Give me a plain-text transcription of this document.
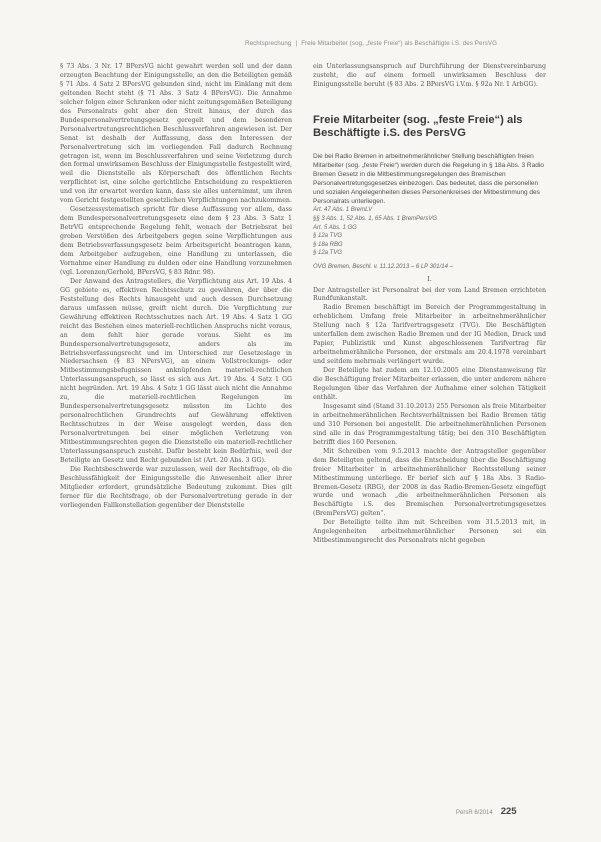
Rechtsprechung | Freie Mitarbeiter (sog. „feste Freie“) als Beschäftigte i.S. des PersVG

§ 73 Abs. 3 Nr. 17 BPersVG nicht gewahrt werden soll und der dann erzeugten Beachtung der Einigungsstelle, an den die Beteiligten gemäß § 71 Abs. 4 Satz 2 BPersVG gebunden sind, nicht im Einklang mit dem geltenden Recht steht (§ 71 Abs. 3 Satz 4 BPersVG). Die Annahme solcher folgen einer Schranken oder nicht zeitungsgemäßen Beteiligung des Personalrats geht aber den Streit hinaus, der durch das Bundespersonalvertretungsgesetz geregelt und dem besonderen Personalvertretungsrechtlichen Beschlussverfahren angewiesen ist. Der Senat ist deshalb der Auffassung, dass den Interessen der Personalvertretung sich im vorliegenden Fall dadurch Rechnung getragen ist, wenn im Beschlussverfahren und seine Verletzung durch den formal unwirksamen Beschluss der Einigungsstelle festgestellt wird, weil die Dienststelle als Körperschaft des öffentlichen Rechts verpflichtet ist, eine solche gerichtliche Entscheidung zu respektieren und von ihr erwartet werden kann, dass sie alles unternimmt, um ihren vom Gericht festgestellten gesetzlichen Verpflichtungen nachzukommen.

Gesetzessystematisch spricht für diese Auffassung vor allem, dass dem Bundespersonalvertretungsgesetz eine dem § 23 Abs. 3 Satz 1 BetrVG entsprechende Regelung fehlt, wonach der Betriebsrat bei groben Verstößen des Arbeitgebers gegen seine Verpflichtungen aus dem Betriebsverfassungsgesetz beim Arbeitsgericht beantragen kann, dem Arbeitgeber aufzugeben, eine Handlung zu unterlassen, die Vornahme einer Handlung zu dulden oder eine Handlung vorzunehmen (vgl. Lorenzen/Gerhold, BPersVG, § 83 Rdnr. 98).

Der Anwand des Antragstellers, die Verpflichtung aus Art. 19 Abs. 4 GG gebiete es, effektiven Rechtsschutz zu gewähren, der über die Feststellung des Rechts hinausgeht und auch dessen Durchsetzung daraus umfassen müsse, greift nicht durch. Die Verpflichtung zur Gewährung effektiven Rechtsschutzes nach Art. 19 Abs. 4 Satz 1 GG reicht das Bestehen eines materiell-rechtlichen Anspruchs nicht voraus, an dem fehlt hier gerade voraus. Sieht es im Bundespersonalvertretungsgesetz, anders als im Betriebsverfassungsrecht und im Unterschied zur Gesetzeslage in Niedersachsen (§ 83 NPersVG), an einem Vollstreckungs- oder Mitbestimmungsbefugnissen anknüpfenden materiell-rechtlichen Unterlassungsanspruch, so lässt es sich aus Art. 19 Abs. 4 Satz 1 GG nicht begründen. Art. 19 Abs. 4 Satz 1 GG lässt auch nicht die Annahme zu, die materiell-rechtlichen Regelungen im Bundespersonalvertretungsgesetz müssten im Lichte des personalrechtlichen Grundrechts auf Gewährung effektiven Rechtsschutzes in der Weise ausgelegt werden, dass den Personalvertretungen bei einer möglichen Verletzung von Mitbestimmungsrechten gegen die Dienststelle ein materiell-rechtlicher Unterlassungsanspruch zusteht. Dafür besteht kein Bedürfnis, weil der Beteiligte an Gesetz und Recht gebunden ist (Art. 20 Abs. 3 GG).

Die Rechtsbeschwerde war zuzulassen, weil der Rechtsfrage, ob die Beschlussfähigkeit der Einigungsstelle die Anwesenheit aller ihrer Mitglieder erfordert, grundsätzliche Bedeutung zukommt. Dies gilt ferner für die Rechtsfrage, ob der Personalvertretung gerade in der vorliegenden Fallkonstellation gegenüber der Dienststelle

ein Unterlassungsanspruch auf Durchführung der Dienstvereinbarung zusteht, die auf einem formell unwirksamen Beschluss der Einigungsstelle beruht (§ 83 Abs. 2 BPersVG i.V.m. § 92a Nr. 1 ArbGG).

Freie Mitarbeiter (sog. „feste Freie“) als Beschäftigte i.S. des PersVG

Die bei Radio Bremen in arbeitnehmerähnlicher Stellung beschäftigten freien Mitarbeiter (sog. „feste Freie“) werden durch die Regelung in § 18a Abs. 3 Radio Bremen Gesetz in die Mitbestimmungsregelungen des Bremischen Personalvertretungsgesetzes einbezogen. Das bedeutet, dass die personellen und sozialen Angelegenheiten dieses Personenkreises der Mitbestimmung des Personalrats unterliegen.

Art. 47 Abs. 1 BremLV
§§ 3 Abs. 1, 52 Abs. 1, 65 Abs. 1 BremPersVG
Art. 5 Abs. 1 GG
§ 12a TVG
§ 18a RBG
§ 12a TVG
OVG Bremen, Beschl. v. 11.12.2013 – 6 LP 301/14 –
I.

Der Antragsteller ist Personalrat bei der vom Land Bremen errichteten Rundfunkanstalt.

Radio Bremen beschäftigt im Bereich der Programmgestaltung in erheblichem Umfang freie Mitarbeiter in arbeitnehmerähnlicher Stellung nach § 12a Tarifvertragsgesetz (TVG). Die Beschäftigten unterfallen dem zwischen Radio Bremen und der IG Medien, Druck und Papier, Publizistik und Kunst abgeschlossenen Tarifvertrag für arbeitnehmerähnliche Personen, der erstmals am 20.4.1978 vereinbart und seitdem mehrmals verlängert wurde.

Der Beteiligte hat zudem am 12.10.2005 eine Dienstanweisung für die Beschäftigung freier Mitarbeiter erlassen, die unter anderem nähere Regelungen über das Verfahren der Aufnahme einer solchen Tätigkeit enthält.

Insgesamt sind (Stand 31.10.2013) 255 Personen als freie Mitarbeiter in arbeitnehmerähnlichen Rechtsverhältnissen bei Radio Bremen tätig und 310 Personen bei angestellt. Die arbeitnehmerähnlichen Personen sind alle in das Programmgestaltung tätig; bei den 310 Beschäftigten betrifft dies 160 Personen.

Mit Schreiben vom 9.5.2013 machte der Antragsteller gegenüber dem Beteiligten geltend, dass die Entscheidung über die Beschäftigung freier Mitarbeiter in arbeitnehmerähnlicher Rechtsstellung seiner Mitbestimmung unterliege. Er berief sich auf § 18a Abs. 3 Radio-Bremen-Gesetz (RBG), der 2008 in das Radio-Bremen-Gesetz eingefügt wurde und wonach „die arbeitnehmerähnlichen Personen als Beschäftigte i.S. des Bremischen Personalvertretungsgesetzes (BremPersVG) gelten“.

Der Beteiligte teilte ihm mit Schreiben vom 31.5.2013 mit, in Angelegenheiten arbeitnehmerähnlicher Personen sei ein Mitbestimmungsrecht des Personalrats nicht gegeben

PersR 6/2014 225
